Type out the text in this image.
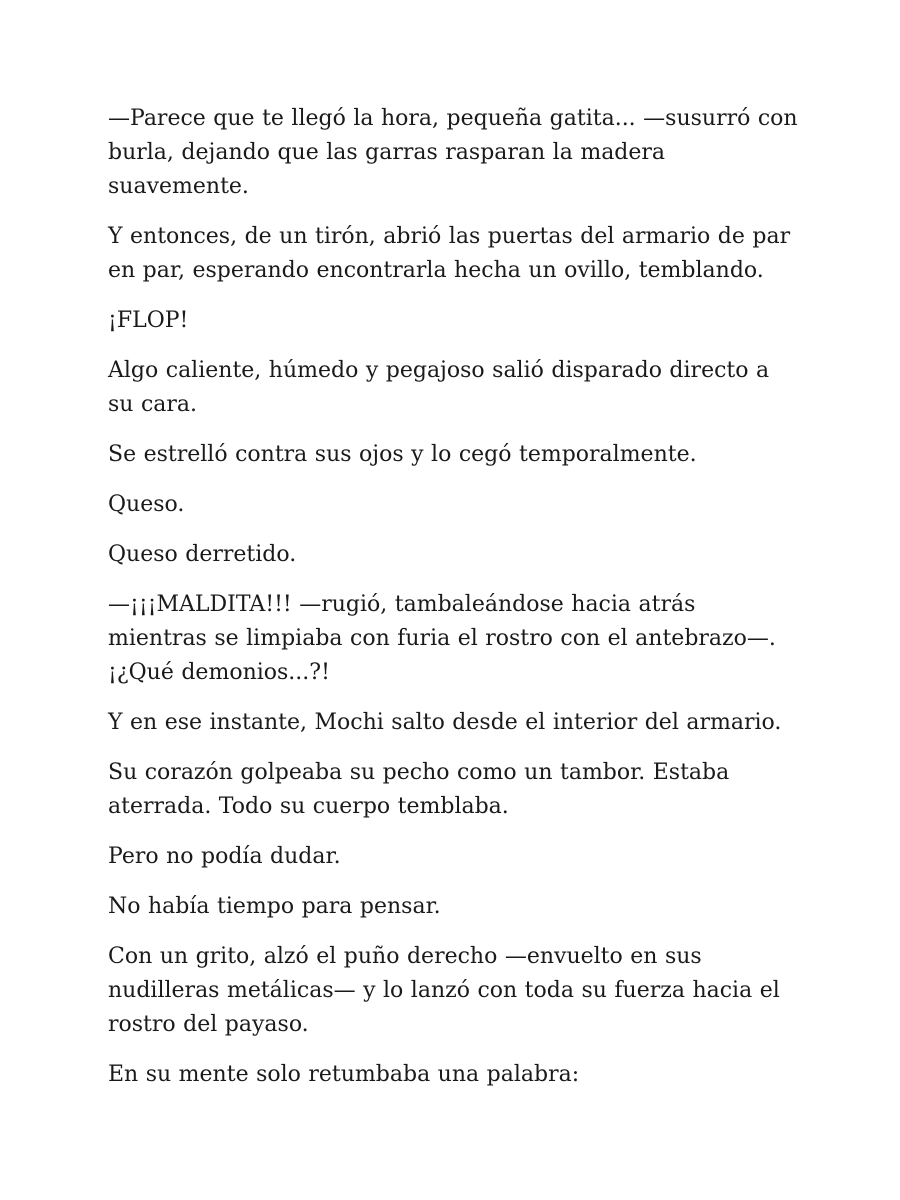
—Parece que te llegó la hora, pequeña gatita... —susurró con burla, dejando que las garras rasparan la madera suavemente.

Y entonces, de un tirón, abrió las puertas del armario de par en par, esperando encontrarla hecha un ovillo, temblando.

¡FLOP!

Algo caliente, húmedo y pegajoso salió disparado directo a su cara.

Se estrelló contra sus ojos y lo cegó temporalmente.

Queso.

Queso derretido.

—¡¡¡MALDITA!!! —rugió, tambaleándose hacia atrás mientras se limpiaba con furia el rostro con el antebrazo—. ¡¿Qué demonios...?!

Y en ese instante, Mochi salto desde el interior del armario.

Su corazón golpeaba su pecho como un tambor. Estaba aterrada. Todo su cuerpo temblaba.

Pero no podía dudar.

No había tiempo para pensar.

Con un grito, alzó el puño derecho —envuelto en sus nudilleras metálicas— y lo lanzó con toda su fuerza hacia el rostro del payaso.

En su mente solo retumbaba una palabra:
